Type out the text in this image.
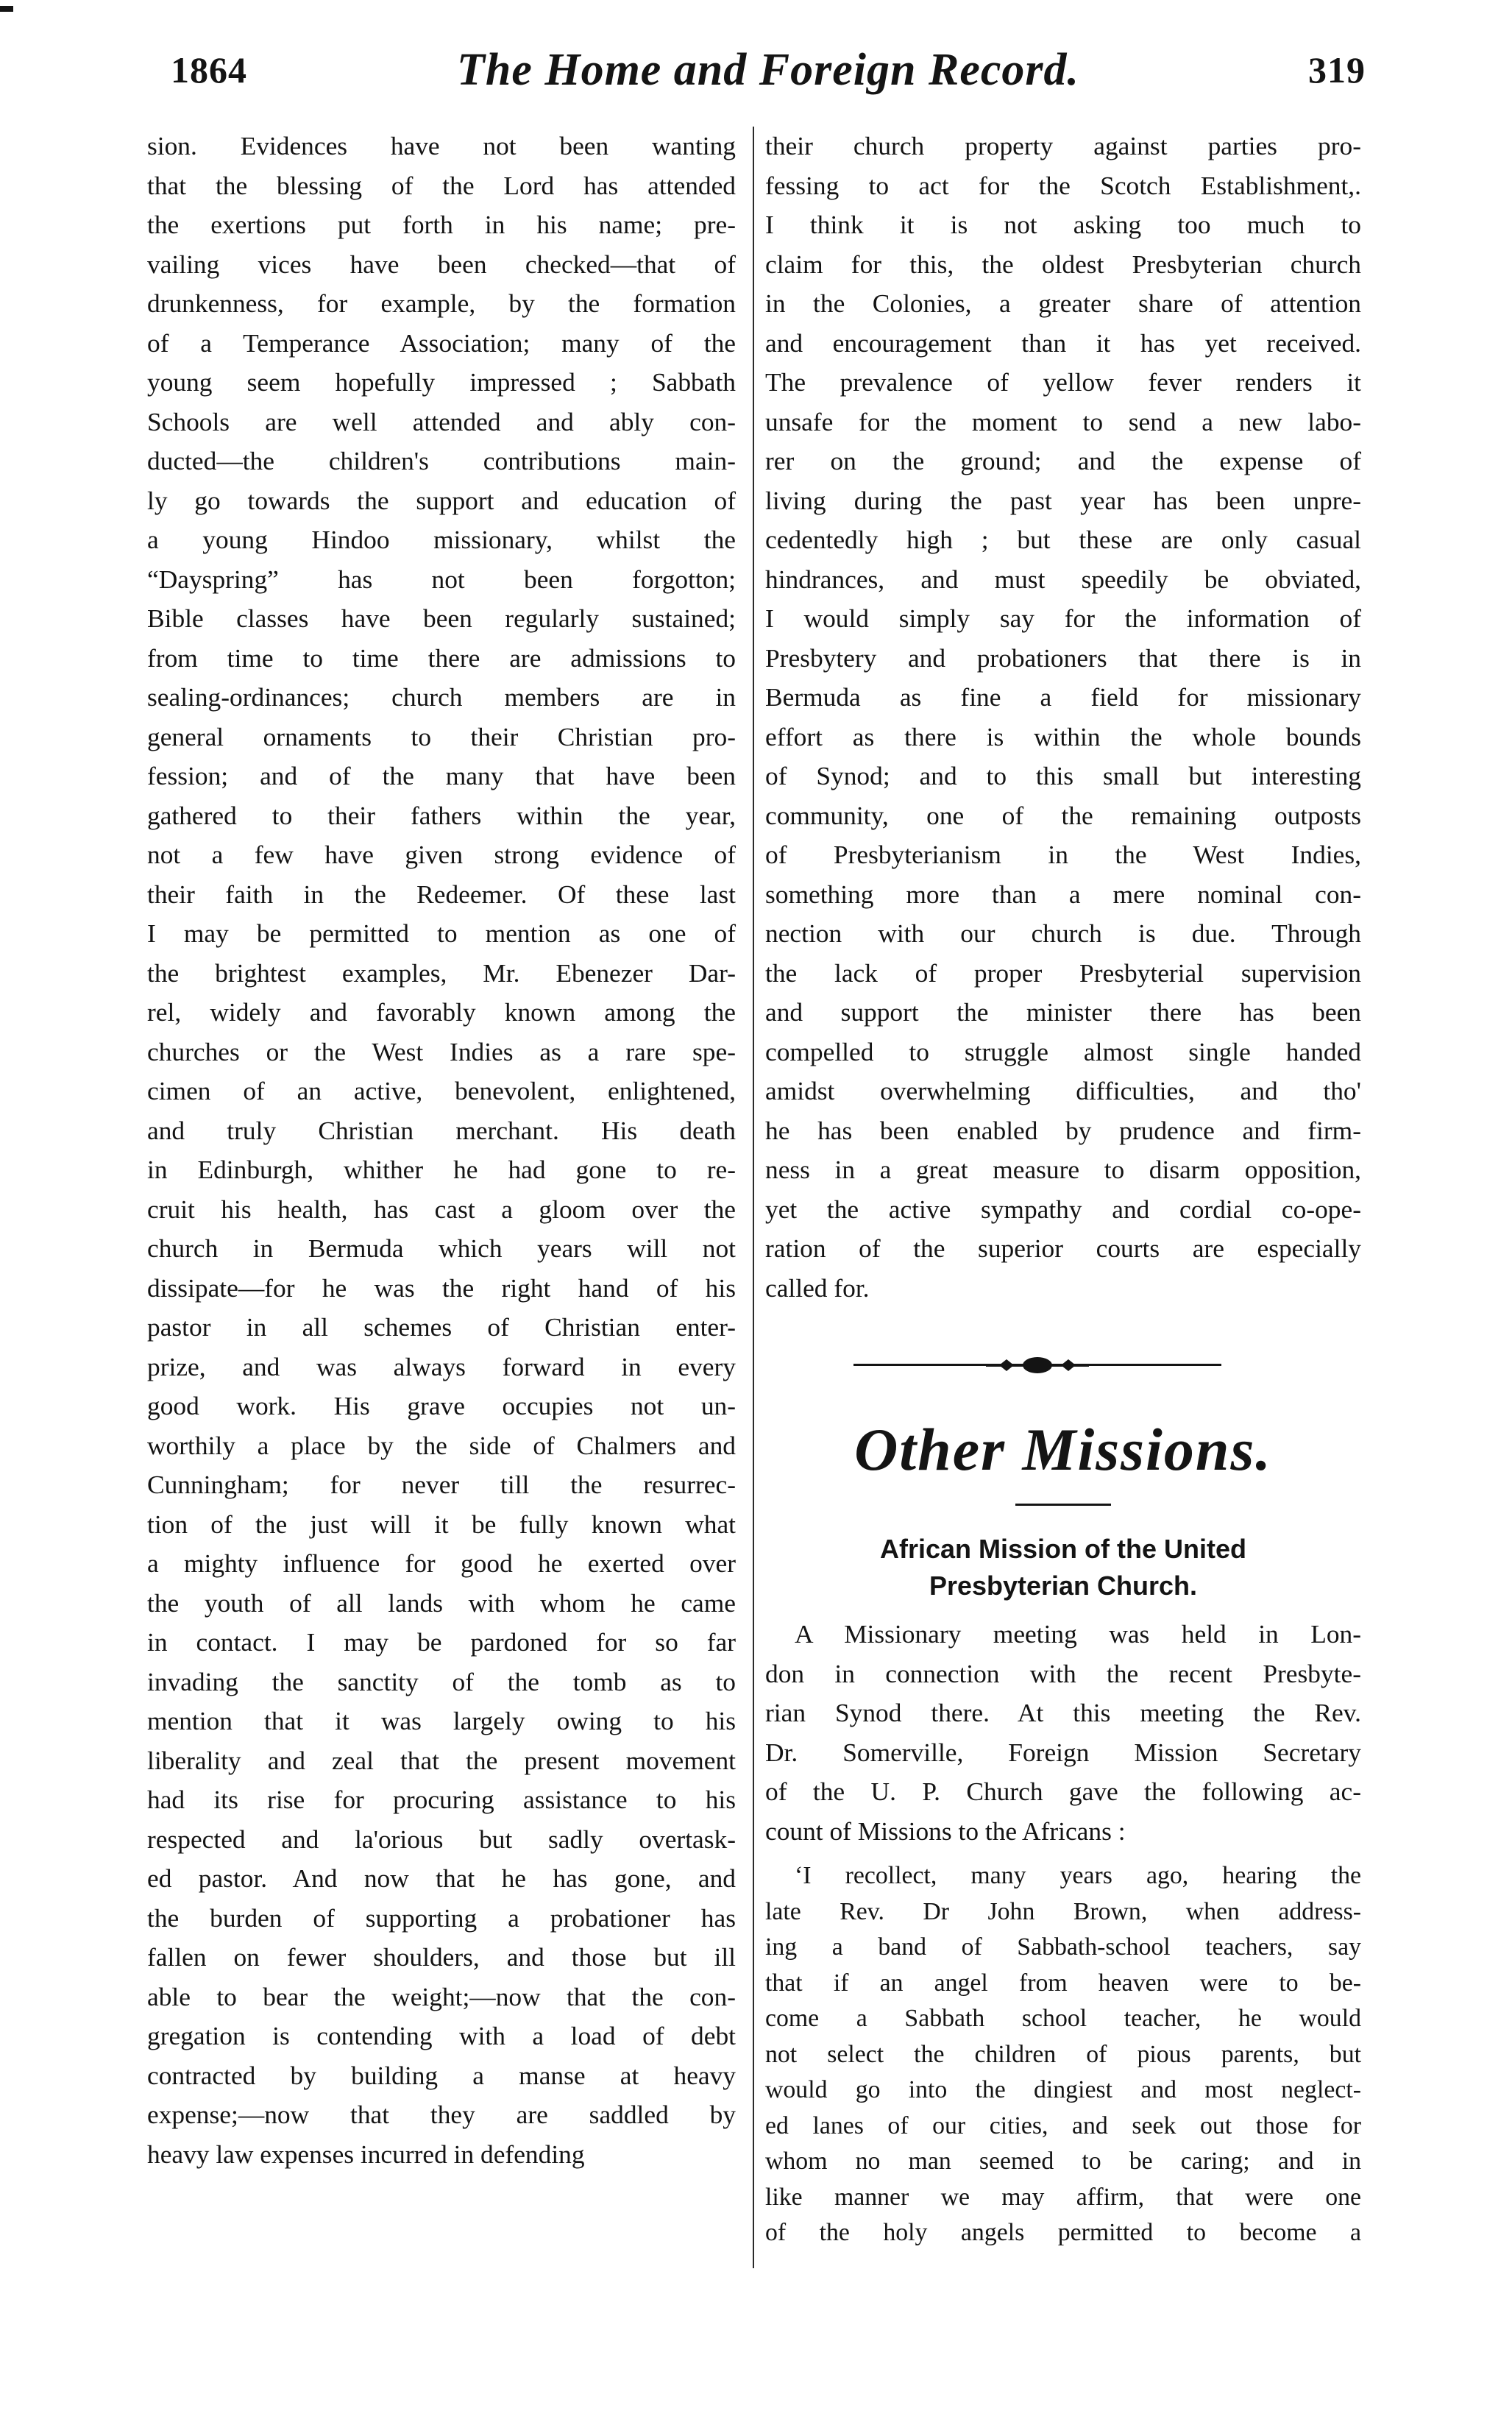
1864	The Home and Foreign Record.	319
sion. Evidences have not been wanting
that the blessing of the Lord has attended
the exertions put forth in his name; pre-
vailing vices have been checked—that of
drunkenness, for example, by the formation
of a Temperance Association; many of the
young seem hopefully impressed ; Sabbath
Schools are well attended and ably con-
ducted—the children's contributions main-
ly go towards the support and education of
a young Hindoo missionary, whilst the
“Dayspring” has not been forgotton;
Bible classes have been regularly sustained;
from time to time there are admissions to
sealing-ordinances; church members are in
general ornaments to their Christian pro-
fession; and of the many that have been
gathered to their fathers within the year,
not a few have given strong evidence of
their faith in the Redeemer. Of these last
I may be permitted to mention as one of
the brightest examples, Mr. Ebenezer Dar-
rel, widely and favorably known among the
churches or the West Indies as a rare spe-
cimen of an active, benevolent, enlightened,
and truly Christian merchant. His death
in Edinburgh, whither he had gone to re-
cruit his health, has cast a gloom over the
church in Bermuda which years will not
dissipate—for he was the right hand of his
pastor in all schemes of Christian enter-
prize, and was always forward in every
good work. His grave occupies not un-
worthily a place by the side of Chalmers and
Cunningham; for never till the resurrec-
tion of the just will it be fully known what
a mighty influence for good he exerted over
the youth of all lands with whom he came
in contact. I may be pardoned for so far
invading the sanctity of the tomb as to
mention that it was largely owing to his
liberality and zeal that the present movement
had its rise for procuring assistance to his
respected and la'orious but sadly overtask-
ed pastor. And now that he has gone, and
the burden of supporting a probationer has
fallen on fewer shoulders, and those but ill
able to bear the weight;—now that the con-
gregation is contending with a load of debt
contracted by building a manse at heavy
expense;—now that they are saddled by
heavy law expenses incurred in defending
their church property against parties pro-
fessing to act for the Scotch Establishment,.
I think it is not asking too much to
claim for this, the oldest Presbyterian church
in the Colonies, a greater share of attention
and encouragement than it has yet received.
The prevalence of yellow fever renders it
unsafe for the moment to send a new labo-
rer on the ground; and the expense of
living during the past year has been unpre-
cedentedly high ; but these are only casual
hindrances, and must speedily be obviated,
I would simply say for the information of
Presbytery and probationers that there is in
Bermuda as fine a field for missionary
effort as there is within the whole bounds
of Synod; and to this small but interesting
community, one of the remaining outposts
of Presbyterianism in the West Indies,
something more than a mere nominal con-
nection with our church is due. Through
the lack of proper Presbyterial supervision
and support the minister there has been
compelled to struggle almost single handed
amidst overwhelming difficulties, and tho'
he has been enabled by prudence and firm-
ness in a great measure to disarm opposition,
yet the active sympathy and cordial co-ope-
ration of the superior courts are especially
called for.
Other Missions.
African Mission of the United
Presbyterian Church.
A Missionary meeting was held in Lon-
don in connection with the recent Presbyte-
rian Synod there. At this meeting the Rev.
Dr. Somerville, Foreign Mission Secretary
of the U. P. Church gave the following ac-
count of Missions to the Africans :
‘I recollect, many years ago, hearing the
late Rev. Dr John Brown, when address-
ing a band of Sabbath-school teachers, say
that if an angel from heaven were to be-
come a Sabbath school teacher, he would
not select the children of pious parents, but
would go into the dingiest and most neglect-
ed lanes of our cities, and seek out those for
whom no man seemed to be caring; and in
like manner we may affirm, that were one
of the holy angels permitted to become a
